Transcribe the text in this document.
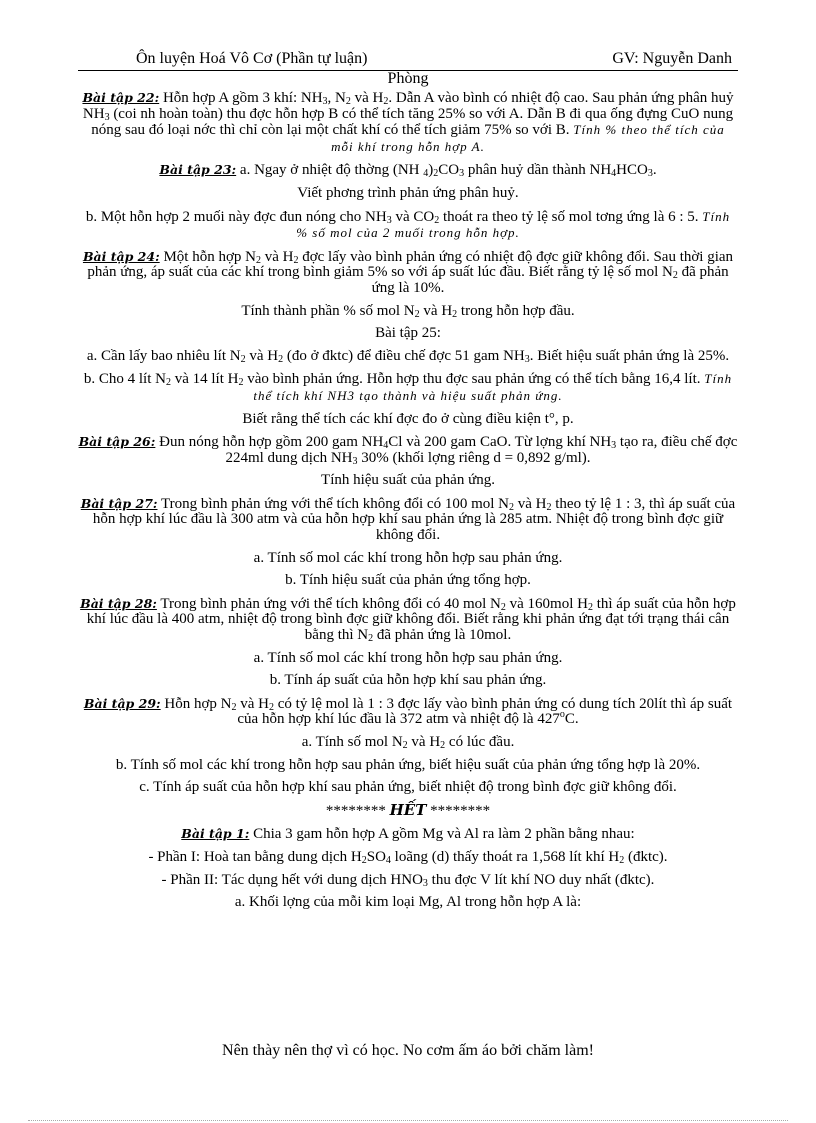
Ôn luyện Hoá Vô Cơ (Phần tự luận)	GV: Nguyễn Danh
Phòng

Bài tập 22: Hỗn hợp A gồm 3 khí: $NH_3$, $N_2$ và $H_2$. Dẫn A vào bình có nhiệt độ cao. Sau phản ứng phân huỷ $NH_3$ (coi nh hoàn toàn) thu đợc hỗn hợp B có thể tích tăng 25% so với A. Dẫn B đi qua ống đựng CuO nung nóng sau đó loại nớc thì chỉ còn lại một chất khí có thể tích giảm 75% so với B. Tính % theo thể tích của mỗi khí trong hỗn hợp A.

Bài tập 23: a. Ngay ở nhiệt độ thờng (NH $_4)_2CO_3$ phân huỷ dần thành $NH_4HCO_3$.

Viết phơng trình phản ứng phân huỷ.

b. Một hỗn hợp 2 muối này đợc đun nóng cho $NH_3$ và $CO_2$ thoát ra theo tỷ lệ số mol tơng ứng là 6 : 5. Tính % số mol của 2 muối trong hỗn hợp.

Bài tập 24: Một hỗn hợp $N_2$ và $H_2$ đợc lấy vào bình phản ứng có nhiệt độ đợc giữ không đổi. Sau thời gian phản ứng, áp suất của các khí trong bình giảm 5% so với áp suất lúc đầu. Biết rằng tỷ lệ số mol $N_2$ đã phản ứng là 10%.

Tính thành phần % số mol $N_2$ và $H_2$ trong hỗn hợp đầu.

Bài tập 25:

a. Cần lấy bao nhiêu lít $N_2$ và $H_2$ (đo ở đktc) để điều chế đợc 51 gam $NH_3$. Biết hiệu suất phản ứng là 25%.

b. Cho 4 lít $N_2$ và 14 lít $H_2$ vào bình phản ứng. Hỗn hợp thu đợc sau phản ứng có thể tích bằng 16,4 lít. Tính thể tích khí NH3 tạo thành và hiệu suất phản ứng.

Biết rằng thể tích các khí đợc đo ở cùng điều kiện t°, p.

Bài tập 26: Đun nóng hỗn hợp gồm 200 gam $NH_4Cl$ và 200 gam CaO. Từ lợng khí $NH_3$ tạo ra, điều chế đợc 224ml dung dịch $NH_3$ 30% (khối lợng riêng d = 0,892 g/ml).

Tính hiệu suất của phản ứng.

Bài tập 27: Trong bình phản ứng với thể tích không đổi có 100 mol $N_2$ và $H_2$ theo tỷ lệ 1 : 3, thì áp suất của hỗn hợp khí lúc đầu là 300 atm và của hỗn hợp khí sau phản ứng là 285 atm. Nhiệt độ trong bình đợc giữ không đổi.

a. Tính số mol các khí trong hỗn hợp sau phản ứng.

b. Tính hiệu suất của phản ứng tổng hợp.

Bài tập 28: Trong bình phản ứng với thể tích không đổi có 40 mol $N_2$ và 160mol $H_2$ thì áp suất của hỗn hợp khí lúc đầu là 400 atm, nhiệt độ trong bình đợc giữ không đổi. Biết rằng khi phản ứng đạt tới trạng thái cân bằng thì $N_2$ đã phản ứng là 10mol.

a. Tính số mol các khí trong hỗn hợp sau phản ứng.

b. Tính áp suất của hỗn hợp khí sau phản ứng.

Bài tập 29: Hỗn hợp $N_2$ và $H_2$ có tỷ lệ mol là 1 : 3 đợc lấy vào bình phản ứng có dung tích 20lít thì áp suất của hỗn hợp khí lúc đầu là 372 atm và nhiệt độ là 427$^o$C.

a. Tính số mol $N_2$ và $H_2$ có lúc đầu.

b. Tính số mol các khí trong hỗn hợp sau phản ứng, biết hiệu suất của phản ứng tổng hợp là 20%.

c. Tính áp suất của hỗn hợp khí sau phản ứng, biết nhiệt độ trong bình đợc giữ không đổi.

******** HẾT ********

Bài tập 1: Chia 3 gam hỗn hợp A gồm Mg và Al ra làm 2 phần bằng nhau:

- Phần I: Hoà tan bằng dung dịch $H_2SO_4$ loãng (d) thấy thoát ra 1,568 lít khí $H_2$ (đktc).

- Phần II: Tác dụng hết với dung dịch $HNO_3$ thu đợc V lít khí NO duy nhất (đktc).

a. Khối lợng của mỗi kim loại Mg, Al trong hỗn hợp A là:

Nên thày nên thợ vì có học. No cơm ấm áo bởi chăm làm!
